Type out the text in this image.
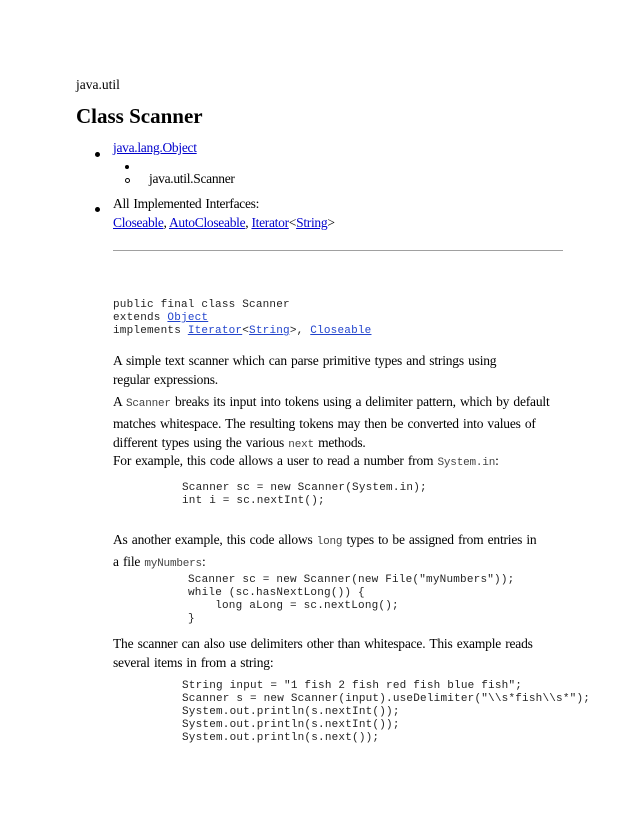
java.util
Class Scanner
java.lang.Object
java.util.Scanner
All Implemented Interfaces:
Closeable, AutoCloseable, Iterator<String>
public final class Scanner
extends Object
implements Iterator<String>, Closeable
A simple text scanner which can parse primitive types and strings using regular expressions.
A Scanner breaks its input into tokens using a delimiter pattern, which by default matches whitespace. The resulting tokens may then be converted into values of different types using the various next methods.
For example, this code allows a user to read a number from System.in:
Scanner sc = new Scanner(System.in);
int i = sc.nextInt();
As another example, this code allows long types to be assigned from entries in a file myNumbers:
Scanner sc = new Scanner(new File("myNumbers"));
while (sc.hasNextLong()) {
long aLong = sc.nextLong();
}
The scanner can also use delimiters other than whitespace. This example reads several items in from a string:
String input = "1 fish 2 fish red fish blue fish";
Scanner s = new Scanner(input).useDelimiter("\\s*fish\\s*");
System.out.println(s.nextInt());
System.out.println(s.nextInt());
System.out.println(s.next());
